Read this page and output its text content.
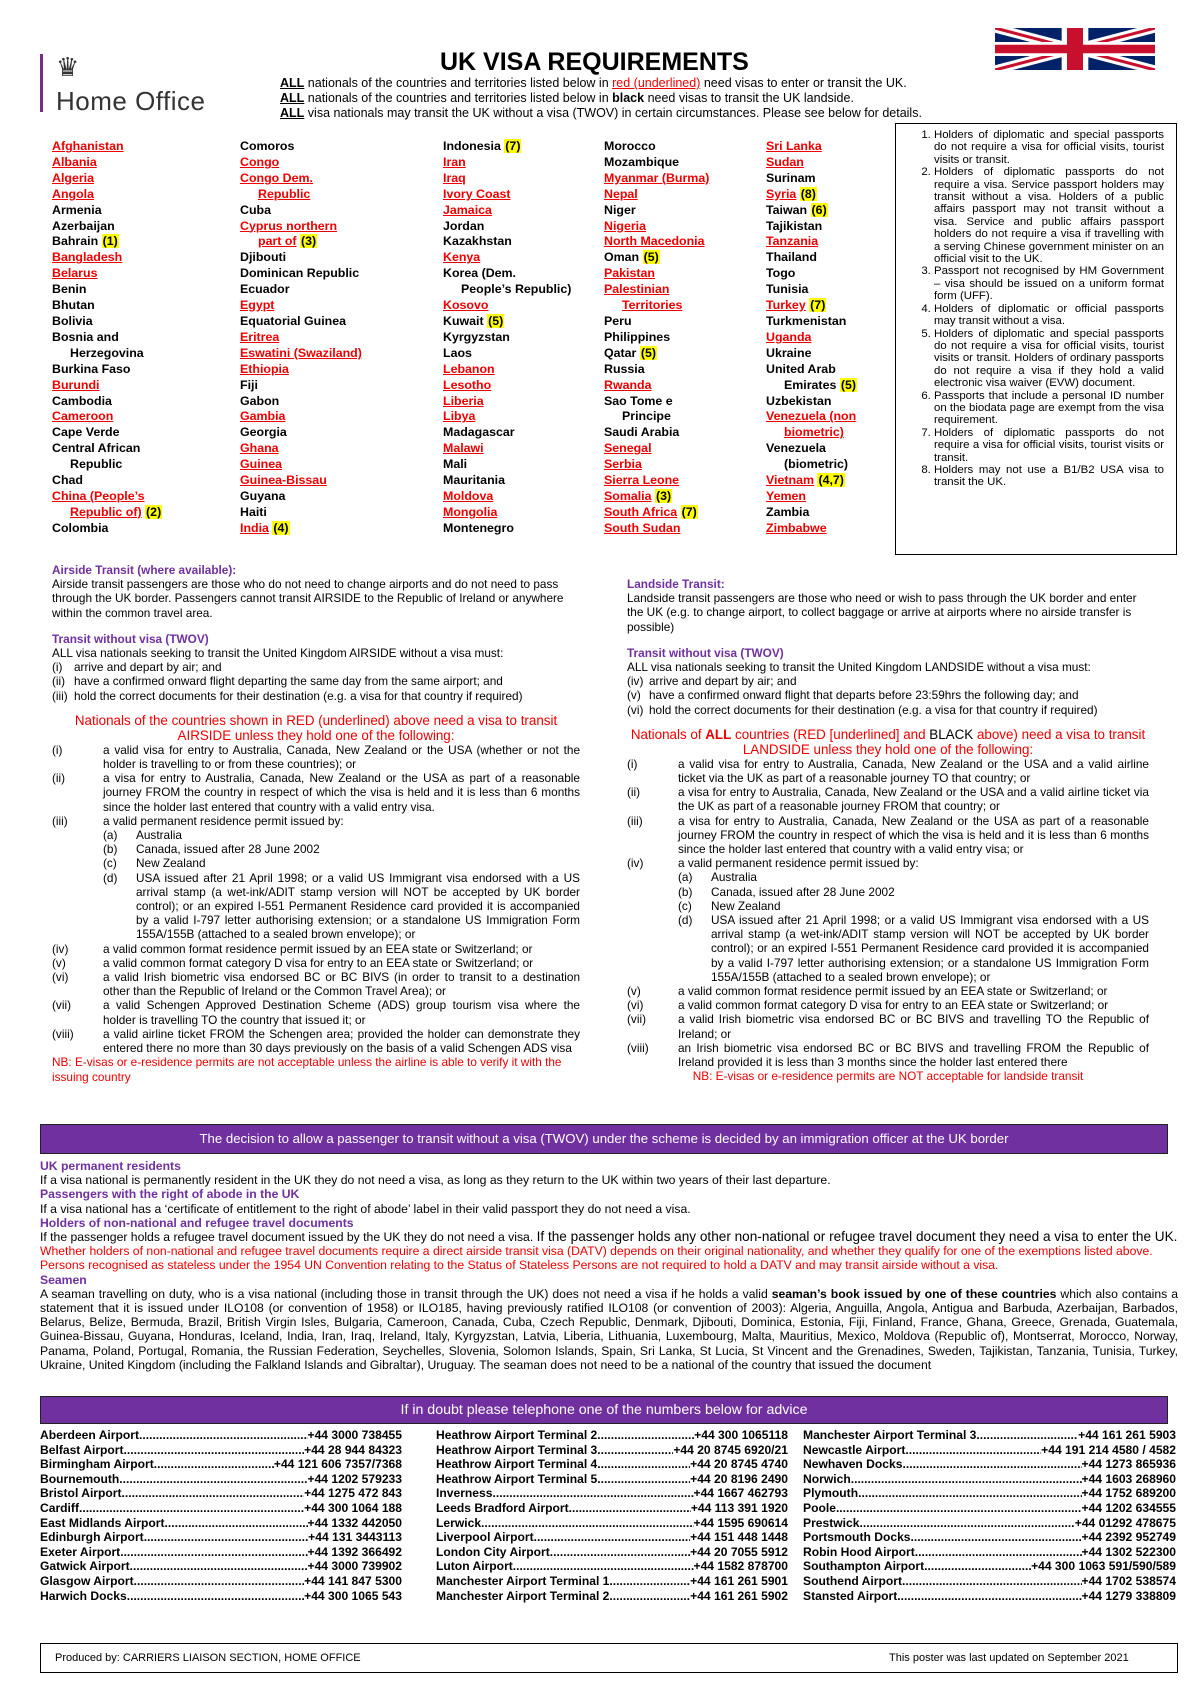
♛
Home Office
UK VISA REQUIREMENTS
ALL nationals of the countries and territories listed below in red (underlined) need visas to enter or transit the UK.
ALL nationals of the countries and territories listed below in black need visas to transit the UK landside.
ALL visa nationals may transit the UK without a visa (TWOV) in certain circumstances. Please see below for details.
Afghanistan
Albania
Algeria
Angola
Armenia
Azerbaijan
Bahrain (1)
Bangladesh
Belarus
Benin
Bhutan
Bolivia
Bosnia and
Herzegovina
Burkina Faso
Burundi
Cambodia
Cameroon
Cape Verde
Central African
Republic
Chad
China (People’s
Republic of) (2)
Colombia
Comoros
Congo
Congo Dem.
Republic
Cuba
Cyprus northern
part of (3)
Djibouti
Dominican Republic
Ecuador
Egypt
Equatorial Guinea
Eritrea
Eswatini (Swaziland)
Ethiopia
Fiji
Gabon
Gambia
Georgia
Ghana
Guinea
Guinea-Bissau
Guyana
Haiti
India (4)
Indonesia (7)
Iran
Iraq
Ivory Coast
Jamaica
Jordan
Kazakhstan
Kenya
Korea (Dem.
People’s Republic)
Kosovo
Kuwait (5)
Kyrgyzstan
Laos
Lebanon
Lesotho
Liberia
Libya
Madagascar
Malawi
Mali
Mauritania
Moldova
Mongolia
Montenegro
Morocco
Mozambique
Myanmar (Burma)
Nepal
Niger
Nigeria
North Macedonia
Oman (5)
Pakistan
Palestinian
Territories
Peru
Philippines
Qatar (5)
Russia
Rwanda
Sao Tome e
Principe
Saudi Arabia
Senegal
Serbia
Sierra Leone
Somalia (3)
South Africa (7)
South Sudan
Sri Lanka
Sudan
Surinam
Syria (8)
Taiwan (6)
Tajikistan
Tanzania
Thailand
Togo
Tunisia
Turkey (7)
Turkmenistan
Uganda
Ukraine
United Arab
Emirates (5)
Uzbekistan
Venezuela (non
biometric)
Venezuela
(biometric)
Vietnam (4,7)
Yemen
Zambia
Zimbabwe
1. Holders of diplomatic and special passports do not require a visa for official visits, tourist visits or transit.
2. Holders of diplomatic passports do not require a visa. Service passport holders may transit without a visa. Holders of a public affairs passport may not transit without a visa. Service and public affairs passport holders do not require a visa if travelling with a serving Chinese government minister on an official visit to the UK.
3. Passport not recognised by HM Government – visa should be issued on a uniform format form (UFF).
4. Holders of diplomatic or official passports may transit without a visa.
5. Holders of diplomatic and special passports do not require a visa for official visits, tourist visits or transit. Holders of ordinary passports do not require a visa if they hold a valid electronic visa waiver (EVW) document.
6. Passports that include a personal ID number on the biodata page are exempt from the visa requirement.
7. Holders of diplomatic passports do not require a visa for official visits, tourist visits or transit.
8. Holders may not use a B1/B2 USA visa to transit the UK.
Airside Transit (where available):
Airside transit passengers are those who do not need to change airports and do not need to pass through the UK border. Passengers cannot transit AIRSIDE to the Republic of Ireland or anywhere within the common travel area.
Transit without visa (TWOV)
ALL visa nationals seeking to transit the United Kingdom AIRSIDE without a visa must:
(i) arrive and depart by air; and
(ii) have a confirmed onward flight departing the same day from the same airport; and
(iii) hold the correct documents for their destination (e.g. a visa for that country if required)
Nationals of the countries shown in RED (underlined) above need a visa to transit AIRSIDE unless they hold one of the following:
(i)	a valid visa for entry to Australia, Canada, New Zealand or the USA (whether or not the holder is travelling to or from these countries); or
(ii)	a visa for entry to Australia, Canada, New Zealand or the USA as part of a reasonable journey FROM the country in respect of which the visa is held and it is less than 6 months since the holder last entered that country with a valid entry visa.
(iii)	a valid permanent residence permit issued by:
(a)	Australia
(b)	Canada, issued after 28 June 2002
(c)	New Zealand
(d)	USA issued after 21 April 1998; or a valid US Immigrant visa endorsed with a US arrival stamp (a wet-ink/ADIT stamp version will NOT be accepted by UK border control); or an expired I-551 Permanent Residence card provided it is accompanied by a valid I-797 letter authorising extension; or a standalone US Immigration Form 155A/155B (attached to a sealed brown envelope); or
(iv)	a valid common format residence permit issued by an EEA state or Switzerland; or
(v)	a valid common format category D visa for entry to an EEA state or Switzerland; or
(vi)	a valid Irish biometric visa endorsed BC or BC BIVS (in order to transit to a destination other than the Republic of Ireland or the Common Travel Area); or
(vii)	a valid Schengen Approved Destination Scheme (ADS) group tourism visa where the holder is travelling TO the country that issued it; or
(viii)	a valid airline ticket FROM the Schengen area; provided the holder can demonstrate they entered there no more than 30 days previously on the basis of a valid Schengen ADS visa
NB: E-visas or e-residence permits are not acceptable unless the airline is able to verify it with the issuing country
Landside Transit:
Landside transit passengers are those who need or wish to pass through the UK border and enter the UK (e.g. to change airport, to collect baggage or arrive at airports where no airside transfer is possible)
Transit without visa (TWOV)
ALL visa nationals seeking to transit the United Kingdom LANDSIDE without a visa must:
(iv) arrive and depart by air; and
(v) have a confirmed onward flight that departs before 23:59hrs the following day; and
(vi) hold the correct documents for their destination (e.g. a visa for that country if required)
Nationals of ALL countries (RED [underlined] and BLACK above) need a visa to transit LANDSIDE unless they hold one of the following:
(i)	a valid visa for entry to Australia, Canada, New Zealand or the USA and a valid airline ticket via the UK as part of a reasonable journey TO that country; or
(ii)	a visa for entry to Australia, Canada, New Zealand or the USA and a valid airline ticket via the UK as part of a reasonable journey FROM that country; or
(iii)	a visa for entry to Australia, Canada, New Zealand or the USA as part of a reasonable journey FROM the country in respect of which the visa is held and it is less than 6 months since the holder last entered that country with a valid entry visa; or
(iv)	a valid permanent residence permit issued by:
(a)	Australia
(b)	Canada, issued after 28 June 2002
(c)	New Zealand
(d)	USA issued after 21 April 1998; or a valid US Immigrant visa endorsed with a US arrival stamp (a wet-ink/ADIT stamp version will NOT be accepted by UK border control); or an expired I-551 Permanent Residence card provided it is accompanied by a valid I-797 letter authorising extension; or a standalone US Immigration Form 155A/155B (attached to a sealed brown envelope); or
(v)	a valid common format residence permit issued by an EEA state or Switzerland; or
(vi)	a valid common format category D visa for entry to an EEA state or Switzerland; or
(vii)	a valid Irish biometric visa endorsed BC or BC BIVS and travelling TO the Republic of Ireland; or
(viii)	an Irish biometric visa endorsed BC or BC BIVS and travelling FROM the Republic of Ireland provided it is less than 3 months since the holder last entered there
NB: E-visas or e-residence permits are NOT acceptable for landside transit
The decision to allow a passenger to transit without a visa (TWOV) under the scheme is decided by an immigration officer at the UK border
UK permanent residents
If a visa national is permanently resident in the UK they do not need a visa, as long as they return to the UK within two years of their last departure.
Passengers with the right of abode in the UK
If a visa national has a ‘certificate of entitlement to the right of abode’ label in their valid passport they do not need a visa.
Holders of non-national and refugee travel documents
If the passenger holds a refugee travel document issued by the UK they do not need a visa. If the passenger holds any other non-national or refugee travel document they need a visa to enter the UK. Whether holders of non-national and refugee travel documents require a direct airside transit visa (DATV) depends on their original nationality, and whether they qualify for one of the exemptions listed above. Persons recognised as stateless under the 1954 UN Convention relating to the Status of Stateless Persons are not required to hold a DATV and may transit airside without a visa.
Seamen
A seaman travelling on duty, who is a visa national (including those in transit through the UK) does not need a visa if he holds a valid seaman’s book issued by one of these countries which also contains a statement that it is issued under ILO108 (or convention of 1958) or ILO185, having previously ratified ILO108 (or convention of 2003): Algeria, Anguilla, Angola, Antigua and Barbuda, Azerbaijan, Barbados, Belarus, Belize, Bermuda, Brazil, British Virgin Isles, Bulgaria, Cameroon, Canada, Cuba, Czech Republic, Denmark, Djibouti, Dominica, Estonia, Fiji, Finland, France, Ghana, Greece, Grenada, Guatemala, Guinea-Bissau, Guyana, Honduras, Iceland, India, Iran, Iraq, Ireland, Italy, Kyrgyzstan, Latvia, Liberia, Lithuania, Luxembourg, Malta, Mauritius, Mexico, Moldova (Republic of), Montserrat, Morocco, Norway, Panama, Poland, Portugal, Romania, the Russian Federation, Seychelles, Slovenia, Solomon Islands, Spain, Sri Lanka, St Lucia, St Vincent and the Grenadines, Sweden, Tajikistan, Tanzania, Tunisia, Turkey, Ukraine, United Kingdom (including the Falkland Islands and Gibraltar), Uruguay. The seaman does not need to be a national of the country that issued the document
If in doubt please telephone one of the numbers below for advice
Aberdeen Airport .....	+44 3000 738455
Belfast Airport .....	+44 28 944 84323
Birmingham Airport .....	+44 121 606 7357/7368
Bournemouth .....	+44 1202 579233
Bristol Airport .....	+44 1275 472 843
Cardiff .....	+44 300 1064 188
East Midlands Airport .....	+44 1332 442050
Edinburgh Airport .....	+44 131 3443113
Exeter Airport .....	+44 1392 366492
Gatwick Airport .....	+44 3000 739902
Glasgow Airport .....	+44 141 847 5300
Harwich Docks .....	+44 300 1065 543
Heathrow Airport Terminal 2 .....	+44 300 1065118
Heathrow Airport Terminal 3 .....	+44 20 8745 6920/21
Heathrow Airport Terminal 4 .....	+44 20 8745 4740
Heathrow Airport Terminal 5 .....	+44 20 8196 2490
Inverness .....	+44 1667 462793
Leeds Bradford Airport .....	+44 113 391 1920
Lerwick .....	+44 1595 690614
Liverpool Airport .....	+44 151 448 1448
London City Airport .....	+44 20 7055 5912
Luton Airport .....	+44 1582 878700
Manchester Airport Terminal 1 .....	+44 161 261 5901
Manchester Airport Terminal 2 .....	+44 161 261 5902
Manchester Airport Terminal 3 .....	+44 161 261 5903
Newcastle Airport .....	+44 191 214 4580 / 4582
Newhaven Docks .....	+44 1273 865936
Norwich .....	+44 1603 268960
Plymouth .....	+44 1752 689200
Poole .....	+44 1202 634555
Prestwick .....	+44 01292 478675
Portsmouth Docks .....	+44 2392 952749
Robin Hood Airport .....	+44 1302 522300
Southampton Airport .....	+44 300 1063 591/590/589
Southend Airport .....	+44 1702 538574
Stansted Airport .....	+44 1279 338809
Produced by: CARRIERS LIAISON SECTION, HOME OFFICE	This poster was last updated on September 2021
